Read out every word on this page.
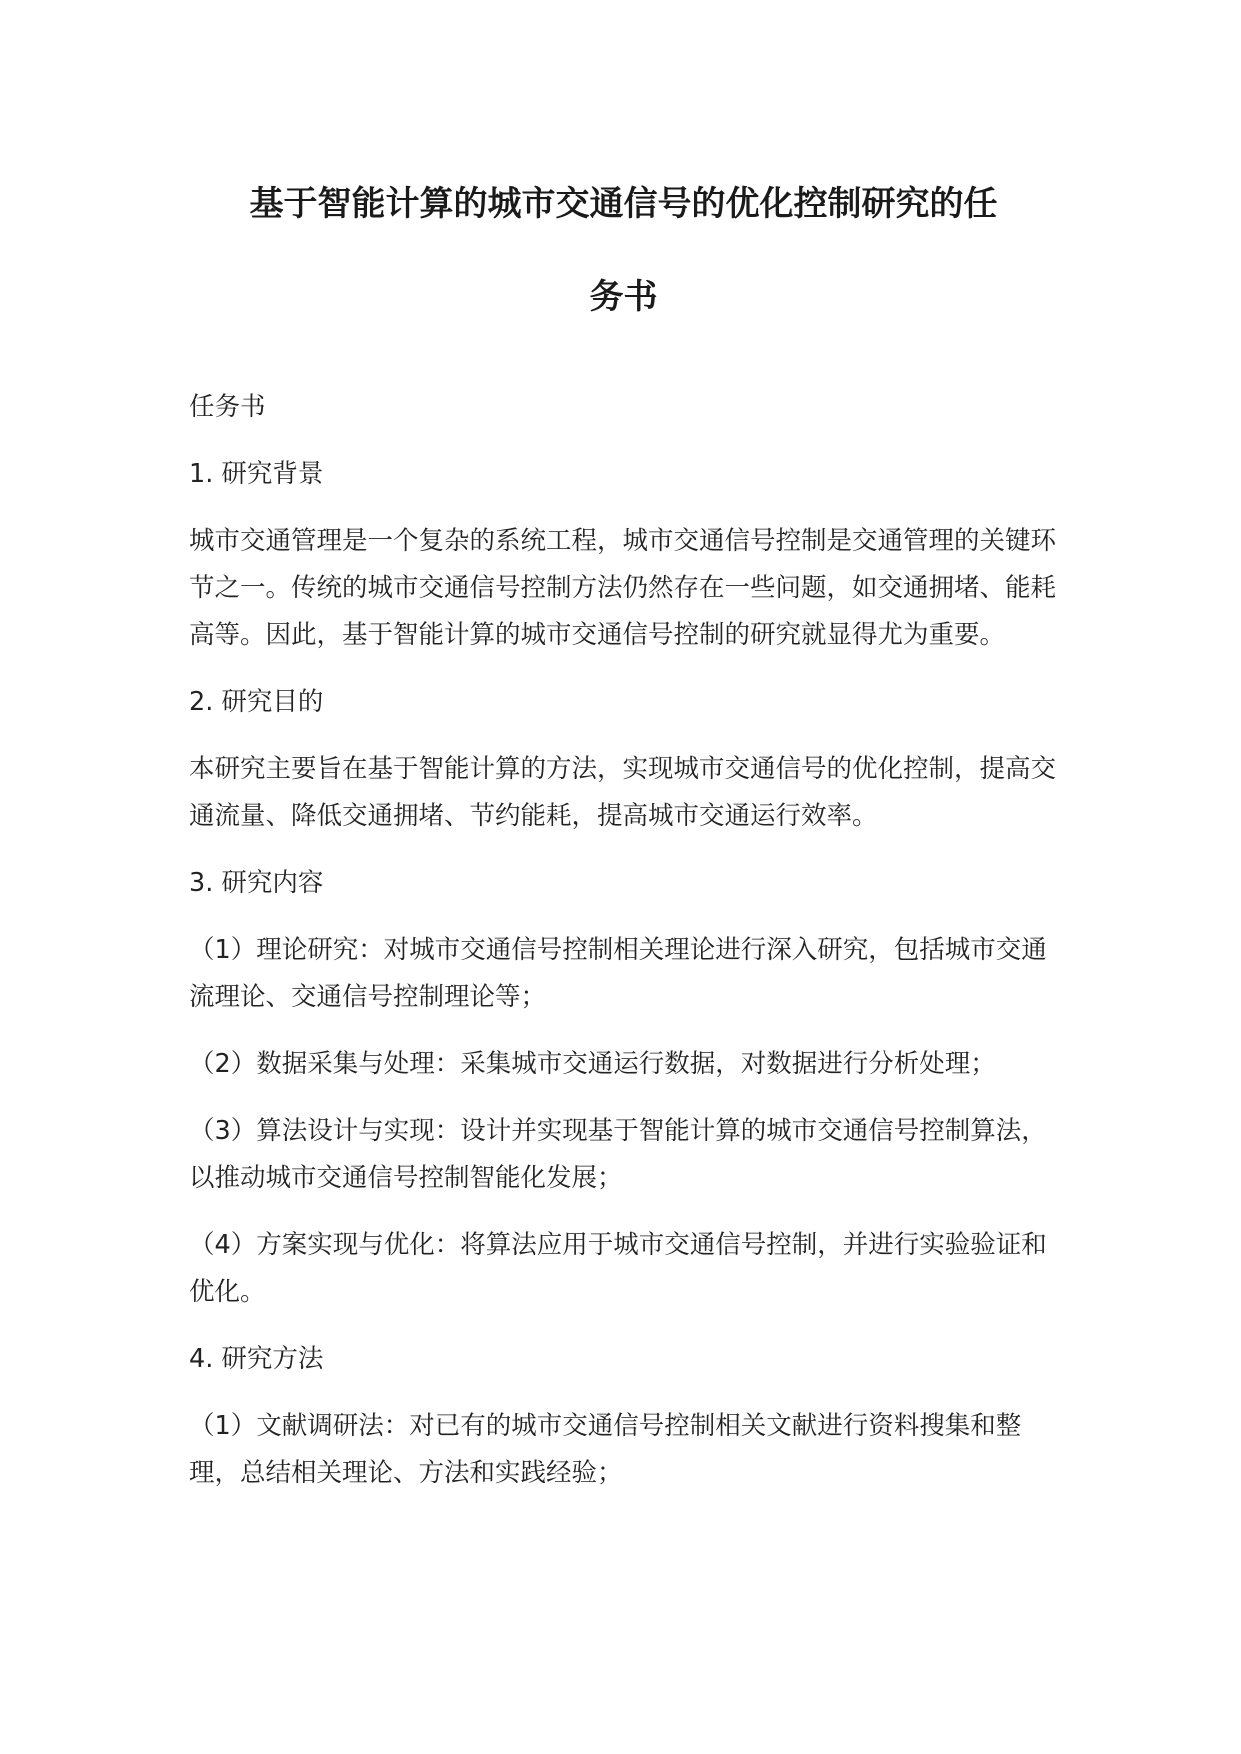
基于智能计算的城市交通信号的优化控制研究的任
务书

任务书

1. 研究背景

城市交通管理是一个复杂的系统工程，城市交通信号控制是交通管理的关键环节之一。传统的城市交通信号控制方法仍然存在一些问题，如交通拥堵、能耗高等。因此，基于智能计算的城市交通信号控制的研究就显得尤为重要。

2. 研究目的

本研究主要旨在基于智能计算的方法，实现城市交通信号的优化控制，提高交通流量、降低交通拥堵、节约能耗，提高城市交通运行效率。

3. 研究内容

（1）理论研究：对城市交通信号控制相关理论进行深入研究，包括城市交通流理论、交通信号控制理论等；

（2）数据采集与处理：采集城市交通运行数据，对数据进行分析处理；

（3）算法设计与实现：设计并实现基于智能计算的城市交通信号控制算法，以推动城市交通信号控制智能化发展；

（4）方案实现与优化：将算法应用于城市交通信号控制，并进行实验验证和优化。

4. 研究方法

（1）文献调研法：对已有的城市交通信号控制相关文献进行资料搜集和整理，总结相关理论、方法和实践经验；
